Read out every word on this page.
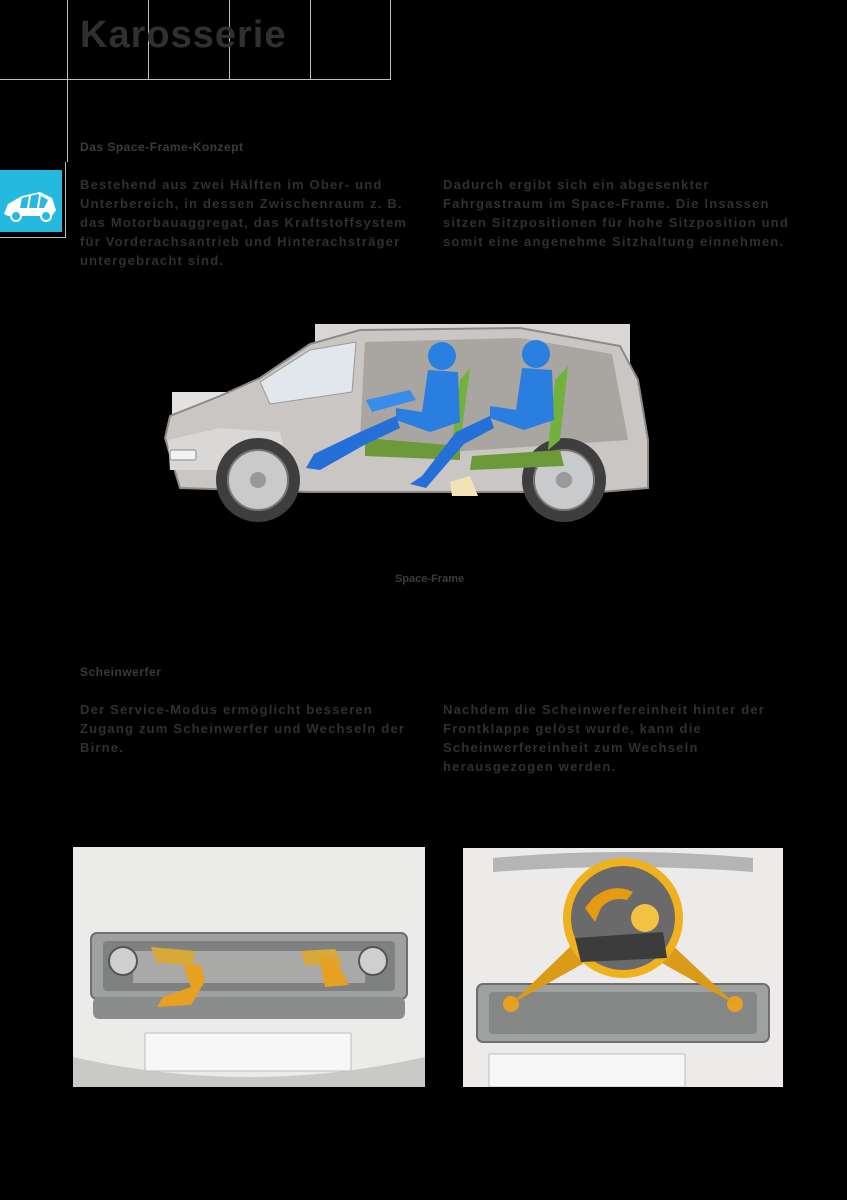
Karosserie
Das Space-Frame-Konzept

Bestehend aus zwei Hälften im Ober- und Unterbereich, in dessen Zwischenraum z. B. das Motorbauaggregat, das Kraftstoffsystem für Vorderachsantrieb und Hinterachsträger untergebracht sind.

Dadurch ergibt sich ein abgesenkter Fahrgastraum im Space-Frame. Die Insassen sitzen Sitzpositionen für hohe Sitzposition und somit eine angenehme Sitzhaltung einnehmen.

Space-Frame

Scheinwerfer

Der Service-Modus ermöglicht besseren Zugang zum Scheinwerfer und Wechseln der Birne.

Nachdem die Scheinwerfereinheit hinter der Frontklappe gelöst wurde, kann die Scheinwerfereinheit zum Wechseln herausgezogen werden.
